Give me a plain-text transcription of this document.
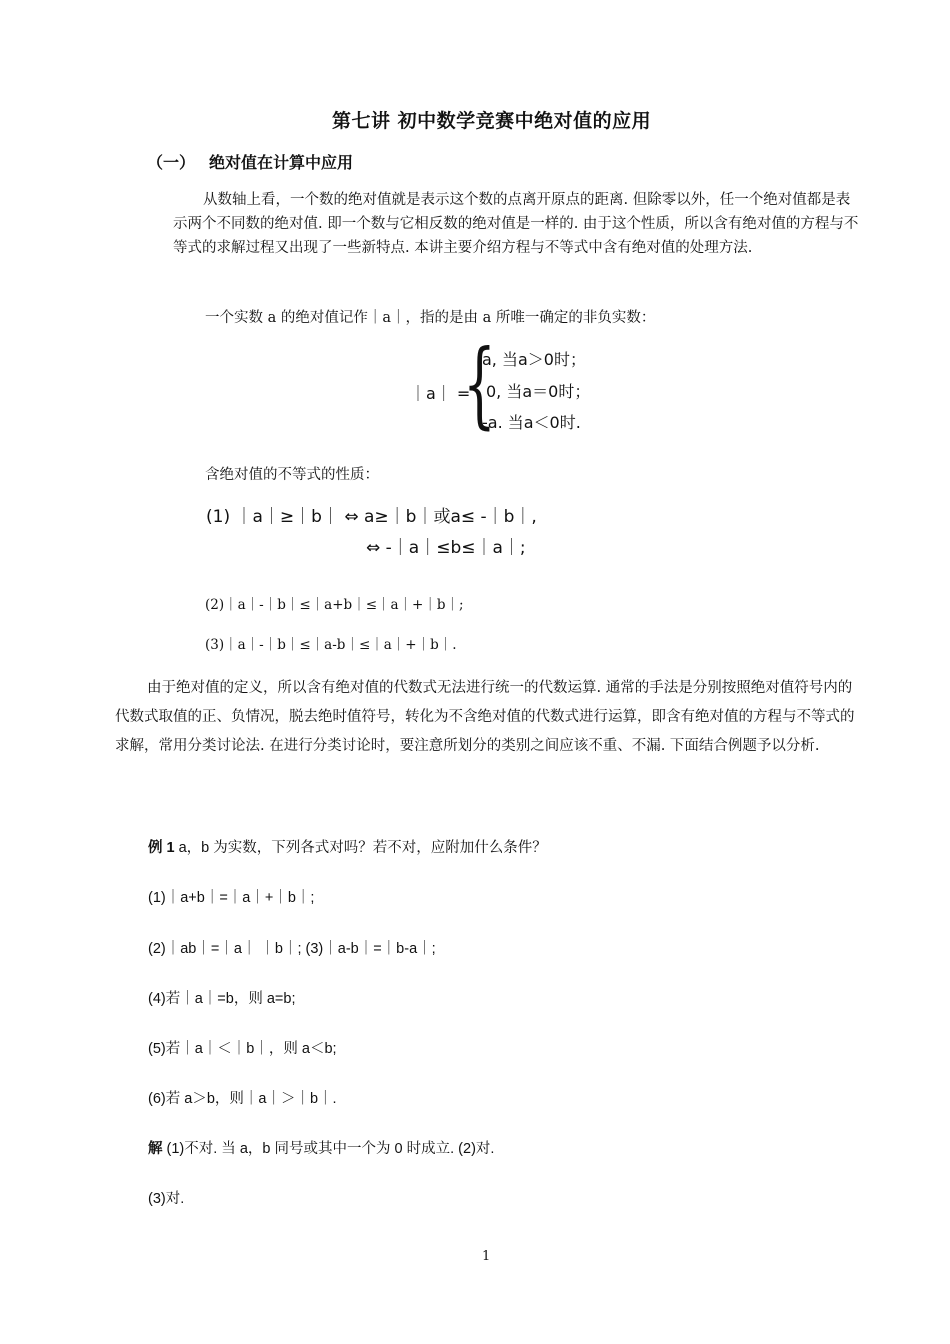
第七讲 初中数学竞赛中绝对值的应用
（一） 绝对值在计算中应用
从数轴上看，一个数的绝对值就是表示这个数的点离开原点的距离. 但除零以外，任一个绝对值都是表示两个不同数的绝对值. 即一个数与它相反数的绝对值是一样的. 由于这个性质，所以含有绝对值的方程与不等式的求解过程又出现了一些新特点. 本讲主要介绍方程与不等式中含有绝对值的处理方法.
一个实数 a 的绝对值记作｜a｜，指的是由 a 所唯一确定的非负实数：
｜a｜ =
{
a, 当a＞0时；
0, 当a＝0时；
-a. 当a＜0时.
含绝对值的不等式的性质：
(1) ｜a｜≥｜b｜ ⇔ a≥｜b｜或a≤ -｜b｜,
⇔ -｜a｜≤b≤｜a｜;
(2)｜a｜-｜b｜≤｜a+b｜≤｜a｜+｜b｜;
(3)｜a｜-｜b｜≤｜a-b｜≤｜a｜+｜b｜.
由于绝对值的定义，所以含有绝对值的代数式无法进行统一的代数运算. 通常的手法是分别按照绝对值符号内的代数式取值的正、负情况，脱去绝时值符号，转化为不含绝对值的代数式进行运算，即含有绝对值的方程与不等式的求解，常用分类讨论法. 在进行分类讨论时，要注意所划分的类别之间应该不重、不漏. 下面结合例题予以分析.
例 1 a，b 为实数，下列各式对吗？若不对，应附加什么条件？
(1)｜a+b｜=｜a｜+｜b｜;
(2)｜ab｜=｜a｜ ｜b｜; (3)｜a-b｜=｜b-a｜;
(4)若｜a｜=b，则 a=b;
(5)若｜a｜＜｜b｜，则 a＜b;
(6)若 a＞b，则｜a｜＞｜b｜.
解 (1)不对. 当 a，b 同号或其中一个为 0 时成立. (2)对.
(3)对.
1
